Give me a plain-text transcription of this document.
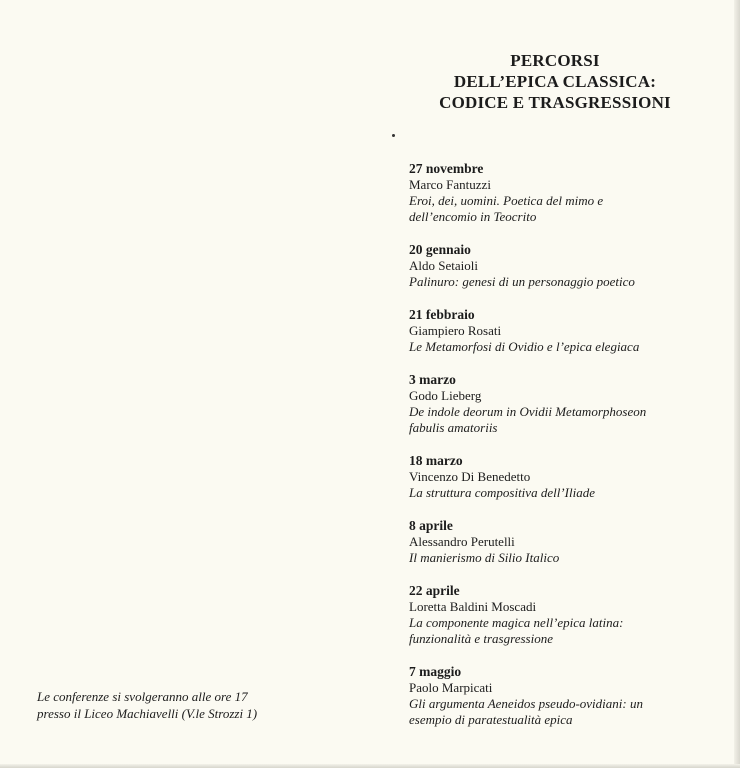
PERCORSI
DELL’EPICA CLASSICA:
CODICE E TRASGRESSIONI
27 novembre
Marco Fantuzzi
Eroi, dei, uomini. Poetica del mimo e
dell’encomio in Teocrito
20 gennaio
Aldo Setaioli
Palinuro: genesi di un personaggio poetico
21 febbraio
Giampiero Rosati
Le Metamorfosi di Ovidio e l’epica elegiaca
3 marzo
Godo Lieberg
De indole deorum in Ovidii Metamorphoseon
fabulis amatoriis
18 marzo
Vincenzo Di Benedetto
La struttura compositiva dell’Iliade
8 aprile
Alessandro Perutelli
Il manierismo di Silio Italico
22 aprile
Loretta Baldini Moscadi
La componente magica nell’epica latina:
funzionalità e trasgressione
7 maggio
Paolo Marpicati
Gli argumenta Aeneidos pseudo-ovidiani: un
esempio di paratestualità epica
Le conferenze si svolgeranno alle ore 17
presso il Liceo Machiavelli (V.le Strozzi 1)
